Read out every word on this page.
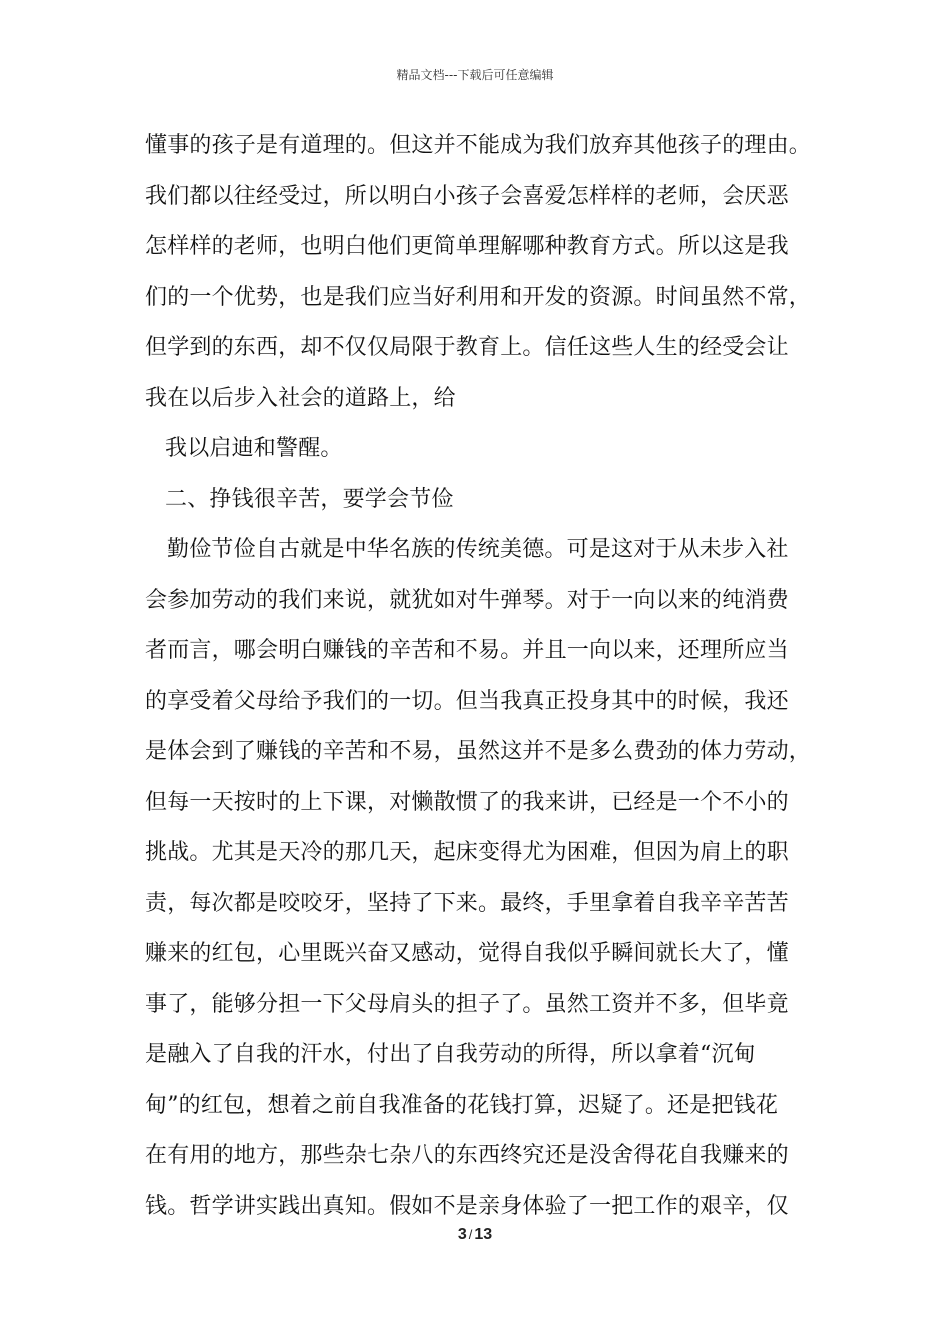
精品文档---下载后可任意编辑
懂事的孩子是有道理的。但这并不能成为我们放弃其他孩子的理由。
我们都以往经受过，所以明白小孩子会喜爱怎样样的老师，会厌恶
怎样样的老师，也明白他们更简单理解哪种教育方式。所以这是我
们的一个优势，也是我们应当好利用和开发的资源。时间虽然不常，
但学到的东西，却不仅仅局限于教育上。信任这些人生的经受会让
我在以后步入社会的道路上，给
我以启迪和警醒。
二、挣钱很辛苦，要学会节俭
勤俭节俭自古就是中华名族的传统美德。可是这对于从未步入社
会参加劳动的我们来说，就犹如对牛弹琴。对于一向以来的纯消费
者而言，哪会明白赚钱的辛苦和不易。并且一向以来，还理所应当
的享受着父母给予我们的一切。但当我真正投身其中的时候，我还
是体会到了赚钱的辛苦和不易，虽然这并不是多么费劲的体力劳动，
但每一天按时的上下课，对懒散惯了的我来讲，已经是一个不小的
挑战。尤其是天冷的那几天，起床变得尤为困难，但因为肩上的职
责，每次都是咬咬牙，坚持了下来。最终，手里拿着自我辛辛苦苦
赚来的红包，心里既兴奋又感动，觉得自我似乎瞬间就长大了，懂
事了，能够分担一下父母肩头的担子了。虽然工资并不多，但毕竟
是融入了自我的汗水，付出了自我劳动的所得，所以拿着“沉甸
甸”的红包，想着之前自我准备的花钱打算，迟疑了。还是把钱花
在有用的地方，那些杂七杂八的东西终究还是没舍得花自我赚来的
钱。哲学讲实践出真知。假如不是亲身体验了一把工作的艰辛，仅
3 / 13
